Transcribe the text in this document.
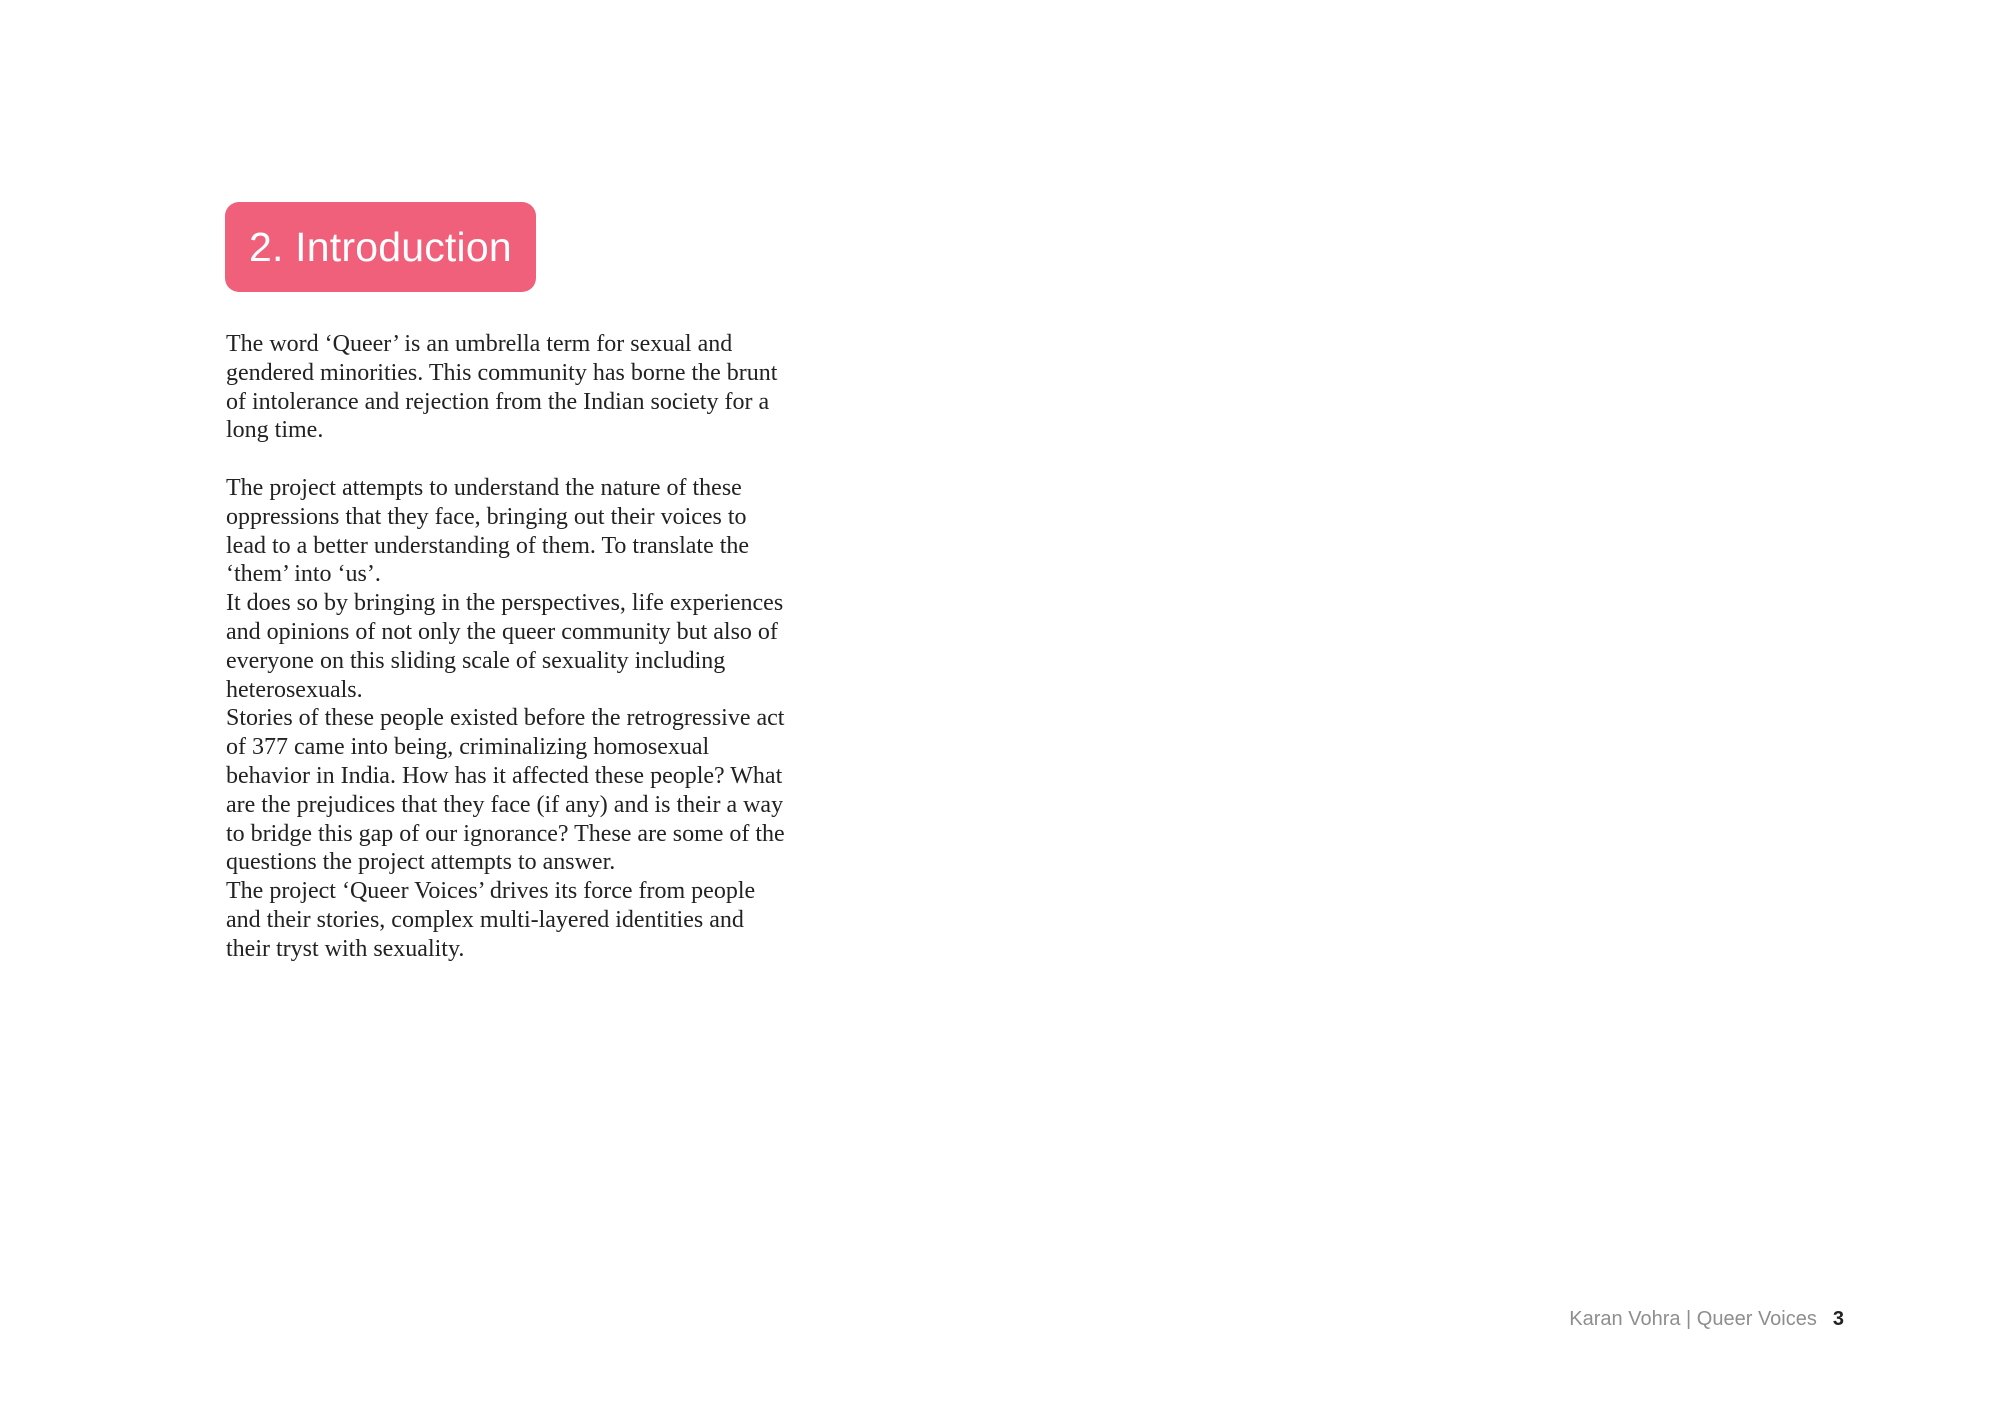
2. Introduction

The word ‘Queer’ is an umbrella term for sexual and gendered minorities. This community has borne the brunt of intolerance and rejection from the Indian society for a long time.

The project attempts to understand the nature of these oppressions that they face, bringing out their voices to lead to a better understanding of them. To translate the ‘them’ into ‘us’.

It does so by bringing in the perspectives, life experiences and opinions of not only the queer community but also of everyone on this sliding scale of sexuality including heterosexuals.

Stories of these people existed before the retrogressive act of 377 came into being, criminalizing homosexual behavior in India. How has it affected these people? What are the prejudices that they face (if any) and is their a way to bridge this gap of our ignorance? These are some of the questions the project attempts to answer.

The project ‘Queer Voices’ drives its force from people and their stories, complex multi-layered identities and their tryst with sexuality.

Karan Vohra | Queer Voices 3
